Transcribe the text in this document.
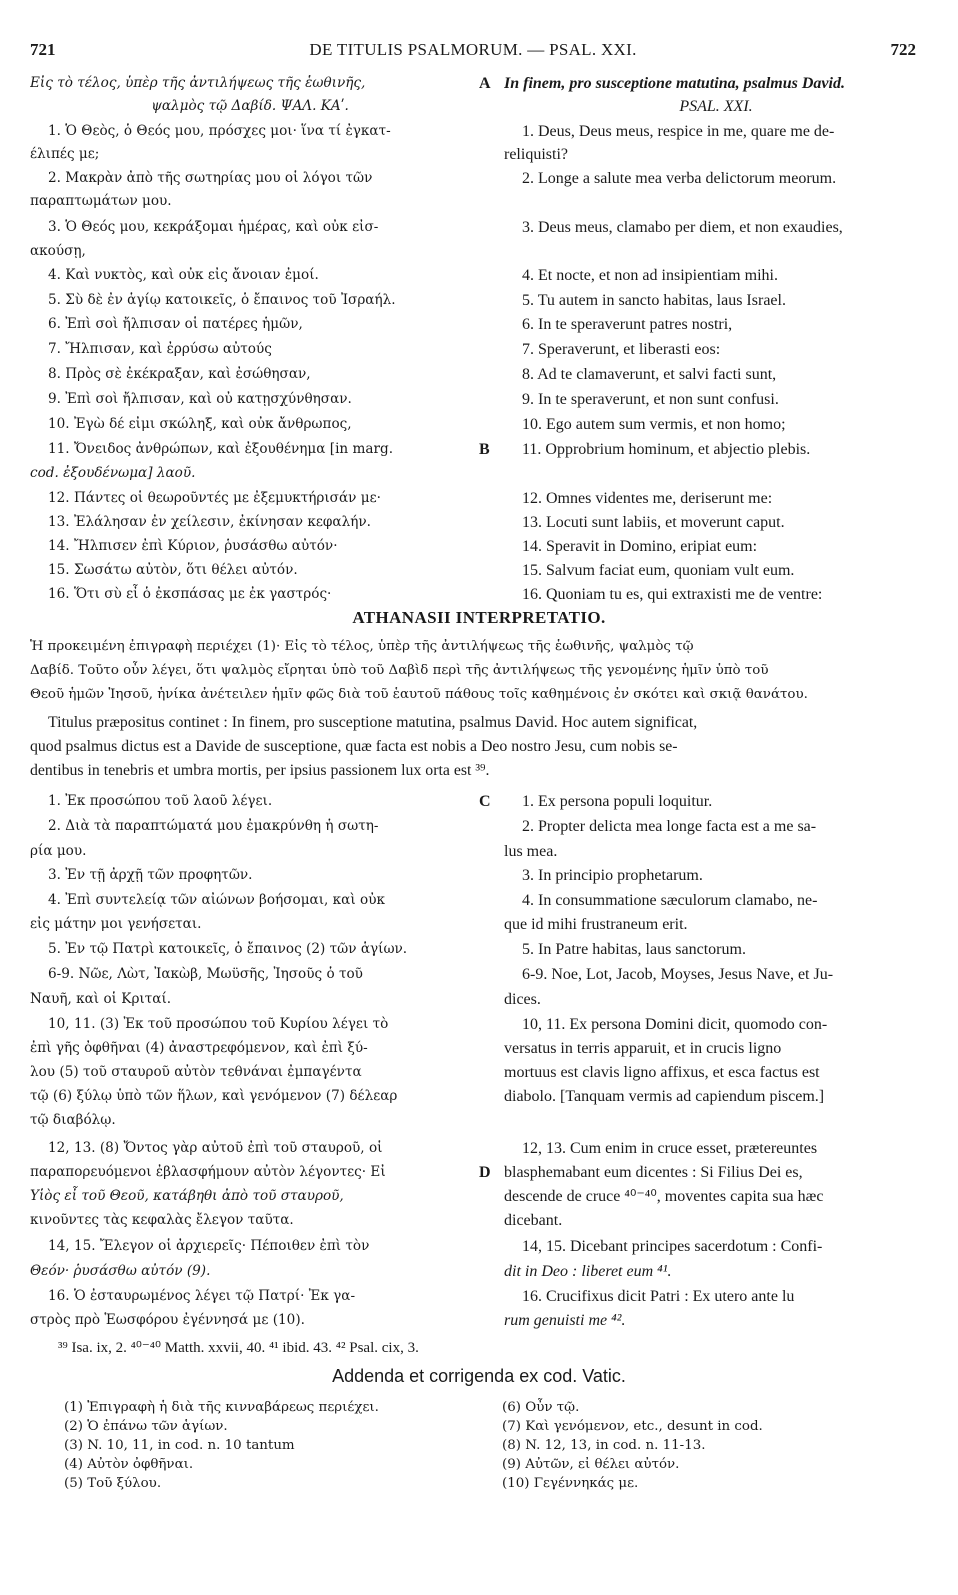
721	DE TITULIS PSALMORUM. — PSAL. XXI.	722
Εἰς τὸ τέλος, ὑπὲρ τῆς ἀντιλήψεως τῆς ἑωθινῆς,	A In finem, pro susceptione matutina, psalmus David.
ψαλμὸς τῷ Δαβίδ. ΨΑΛ. ΚΑʹ.	PSAL. XXI.
1. Ὁ Θεὸς, ὁ Θεός μου, πρόσχες μοι· ἵνα τί ἐγκατ-	1. Deus, Deus meus, respice in me, quare me de-
έλιπές με;	reliquisti?
2. Μακρὰν ἀπὸ τῆς σωτηρίας μου οἱ λόγοι τῶν	2. Longe a salute mea verba delictorum meorum.
παραπτωμάτων μου.
3. Ὁ Θεός μου, κεκράξομαι ἡμέρας, καὶ οὐκ εἰσ-	3. Deus meus, clamabo per diem, et non exaudies,
ακούσῃ,
4. Καὶ νυκτὸς, καὶ οὐκ εἰς ἄνοιαν ἐμοί.	4. Et nocte, et non ad insipientiam mihi.
5. Σὺ δὲ ἐν ἁγίῳ κατοικεῖς, ὁ ἔπαινος τοῦ Ἰσραήλ.	5. Tu autem in sancto habitas, laus Israel.
6. Ἐπὶ σοὶ ἤλπισαν οἱ πατέρες ἡμῶν,	6. In te speraverunt patres nostri,
7. Ἤλπισαν, καὶ ἐρρύσω αὐτούς	7. Speraverunt, et liberasti eos:
8. Πρὸς σὲ ἐκέκραξαν, καὶ ἐσώθησαν,	8. Ad te clamaverunt, et salvi facti sunt,
9. Ἐπὶ σοὶ ἤλπισαν, καὶ οὐ κατῃσχύνθησαν.	9. In te speraverunt, et non sunt confusi.
10. Ἐγὼ δέ εἰμι σκώληξ, καὶ οὐκ ἄνθρωπος,	10. Ego autem sum vermis, et non homo;
11. Ὄνειδος ἀνθρώπων, καὶ ἐξουθένημα [in marg.	B	11. Opprobrium hominum, et abjectio plebis.
cod. ἐξουδένωμα] λαοῦ.
12. Πάντες οἱ θεωροῦντές με ἐξεμυκτήρισάν με·	12. Omnes videntes me, deriserunt me:
13. Ἐλάλησαν ἐν χείλεσιν, ἐκίνησαν κεφαλήν.	13. Locuti sunt labiis, et moverunt caput.
14. Ἤλπισεν ἐπὶ Κύριον, ῥυσάσθω αὐτόν·	14. Speravit in Domino, eripiat eum:
15. Σωσάτω αὐτὸν, ὅτι θέλει αὐτόν.	15. Salvum faciat eum, quoniam vult eum.
16. Ὅτι σὺ εἶ ὁ ἐκσπάσας με ἐκ γαστρός·	16. Quoniam tu es, qui extraxisti me de ventre:
ATHANASII INTERPRETATIO.
Ἡ προκειμένη ἐπιγραφὴ περιέχει (1)· Εἰς τὸ τέλος, ὑπὲρ τῆς ἀντιλήψεως τῆς ἑωθινῆς, ψαλμὸς τῷ
Δαβίδ. Τοῦτο οὖν λέγει, ὅτι ψαλμὸς εἴρηται ὑπὸ τοῦ Δαβὶδ περὶ τῆς ἀντιλήψεως τῆς γενομένης ἡμῖν ὑπὸ τοῦ
Θεοῦ ἡμῶν Ἰησοῦ, ἡνίκα ἀνέτειλεν ἡμῖν φῶς διὰ τοῦ ἑαυτοῦ πάθους τοῖς καθημένοις ἐν σκότει καὶ σκιᾷ θανάτου.
Titulus præpositus continet : In finem, pro susceptione matutina, psalmus David. Hoc autem significat,
quod psalmus dictus est a Davide de susceptione, quæ facta est nobis a Deo nostro Jesu, cum nobis se-
dentibus in tenebris et umbra mortis, per ipsius passionem lux orta est ³⁹.
1. Ἐκ προσώπου τοῦ λαοῦ λέγει.	C	1. Ex persona populi loquitur.
2. Διὰ τὰ παραπτώματά μου ἐμακρύνθη ἡ σωτη-	2. Propter delicta mea longe facta est a me sa-
ρία μου.	lus mea.
3. Ἐν τῇ ἀρχῇ τῶν προφητῶν.	3. In principio prophetarum.
4. Ἐπὶ συντελείᾳ τῶν αἰώνων βοήσομαι, καὶ οὐκ	4. In consummatione sæculorum clamabo, ne-
εἰς μάτην μοι γενήσεται.	que id mihi frustraneum erit.
5. Ἐν τῷ Πατρὶ κατοικεῖς, ὁ ἔπαινος (2) τῶν ἁγίων.	5. In Patre habitas, laus sanctorum.
6-9. Νῶε, Λὼτ, Ἰακὼβ, Μωϋσῆς, Ἰησοῦς ὁ τοῦ	6-9. Noe, Lot, Jacob, Moyses, Jesus Nave, et Ju-
Ναυῆ, καὶ οἱ Κριταί.	dices.
10, 11. (3) Ἐκ τοῦ προσώπου τοῦ Κυρίου λέγει τὸ	10, 11. Ex persona Domini dicit, quomodo con-
ἐπὶ γῆς ὀφθῆναι (4) ἀναστρεφόμενον, καὶ ἐπὶ ξύ-	versatus in terris apparuit, et in crucis ligno
λου (5) τοῦ σταυροῦ αὐτὸν τεθνάναι ἐμπαγέντα	mortuus est clavis ligno affixus, et esca factus est
τῷ (6) ξύλῳ ὑπὸ τῶν ἥλων, καὶ γενόμενον (7) δέλεαρ	diabolo. [Tanquam vermis ad capiendum piscem.]
τῷ διαβόλῳ.
12, 13. (8) Ὄντος γὰρ αὐτοῦ ἐπὶ τοῦ σταυροῦ, οἱ	12, 13. Cum enim in cruce esset, prætereuntes
παραπορευόμενοι ἐβλασφήμουν αὐτὸν λέγοντες· Εἰ	D blasphemabant eum dicentes : Si Filius Dei es,
Υἱὸς εἶ τοῦ Θεοῦ, κατάβηθι ἀπὸ τοῦ σταυροῦ,	descende de cruce ⁴⁰⁻⁴⁰, moventes capita sua hæc
κινοῦντες τὰς κεφαλὰς ἔλεγον ταῦτα.	dicebant.
14, 15. Ἔλεγον οἱ ἀρχιερεῖς· Πέποιθεν ἐπὶ τὸν	14, 15. Dicebant principes sacerdotum : Confi-
Θεόν· ῥυσάσθω αὐτόν (9).	dit in Deo : liberet eum ⁴¹.
16. Ὁ ἐσταυρωμένος λέγει τῷ Πατρί· Ἐκ γα-	16. Crucifixus dicit Patri : Ex utero ante lu
στρὸς πρὸ Ἑωσφόρου ἐγέννησά με (10).	rum genuisti me ⁴².
³⁹ Isa. ix, 2. ⁴⁰⁻⁴⁰ Matth. xxvii, 40. ⁴¹ ibid. 43. ⁴² Psal. cix, 3.
Addenda et corrigenda ex cod. Vatic.
(1) Ἐπιγραφὴ ἡ διὰ τῆς κινναβάρεως περιέχει.	(6) Οὖν τῷ.
(2) Ὁ ἐπάνω τῶν ἁγίων.	(7) Καὶ γενόμενον, etc., desunt in cod.
(3) N. 10, 11, in cod. n. 10 tantum	(8) N. 12, 13, in cod. n. 11-13.
(4) Αὐτὸν ὀφθῆναι.	(9) Αὐτῶν, εἰ θέλει αὐτόν.
(5) Τοῦ ξύλου.	(10) Γεγέννηκάς με.
